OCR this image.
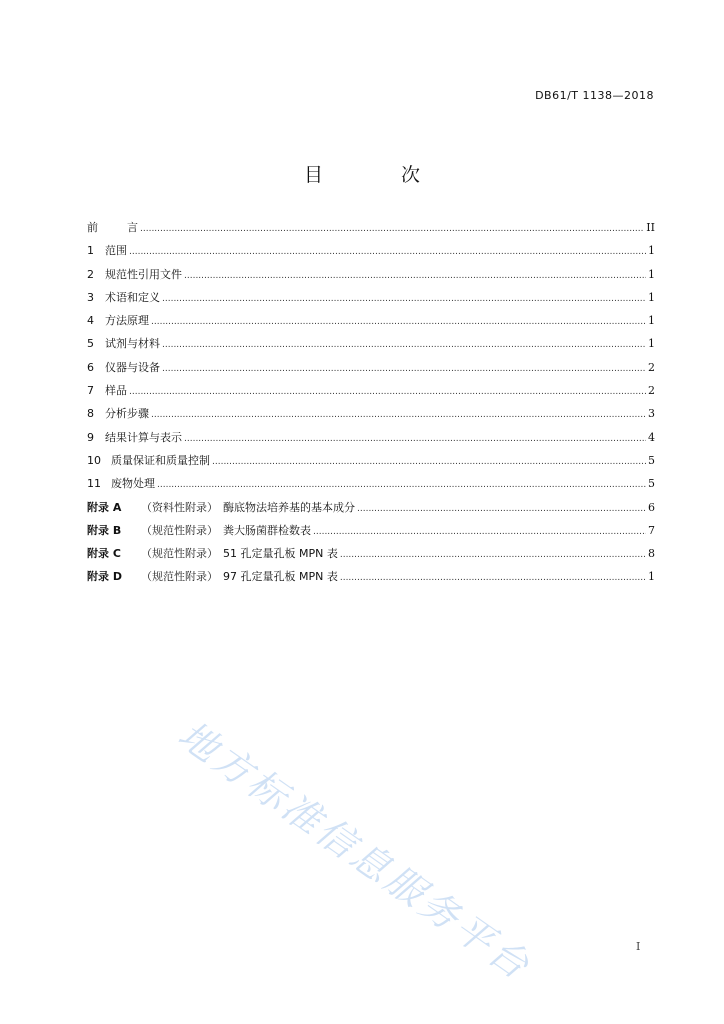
DB61/T 1138—2018
目 次
前	言 .....	II
1	范围 .....	1
2	规范性引用文件 .....	1
3	术语和定义 .....	1
4	方法原理 .....	1
5	试剂与材料 .....	1
6	仪器与设备 .....	2
7	样品 .....	2
8	分析步骤 .....	3
9	结果计算与表示 .....	4
10 质量保证和质量控制 .....	5
11 废物处理 .....	5
附录 A	（资料性附录） 酶底物法培养基的基本成分 .....	6
附录 B	（规范性附录） 粪大肠菌群检数表 .....	7
附录 C	（规范性附录） 51 孔定量孔板 MPN 表 .....	8
附录 D	（规范性附录） 97 孔定量孔板 MPN 表 .....	1
地方标准信息服务平台	I
